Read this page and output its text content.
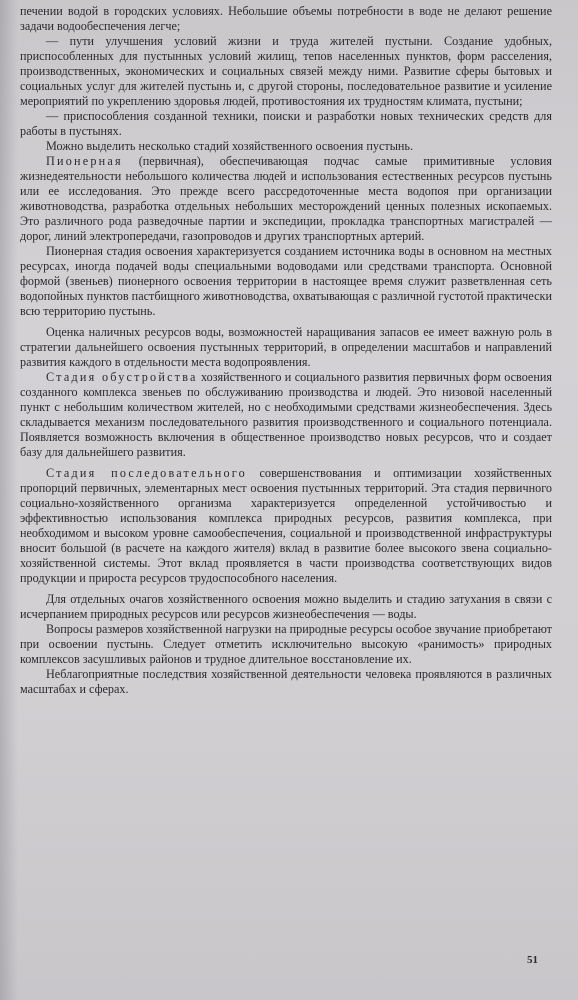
печении водой в городских условиях. Небольшие объемы потребности в воде не делают решение задачи водообеспечения легче;

— пути улучшения условий жизни и труда жителей пустыни. Создание удобных, приспособленных для пустынных условий жилищ, тепов населенных пунктов, форм расселения, производственных, экономических и социальных связей между ними. Развитие сферы бытовых и социальных услуг для жителей пустынь и, с другой стороны, последовательное развитие и усиление мероприятий по укреплению здоровья людей, противостояния их трудностям климата, пустыни;

— приспособления созданной техники, поиски и разработки новых технических средств для работы в пустынях.

Можно выделить несколько стадий хозяйственного освоения пустынь.

Пионерная (первичная), обеспечивающая подчас самые примитивные условия жизнедеятельности небольшого количества людей и использования естественных ресурсов пустынь или ее исследования. Это прежде всего рассредоточенные места водопоя при организации животноводства, разработка отдельных небольших месторождений ценных полезных ископаемых. Это различного рода разведочные партии и экспедиции, прокладка транспортных магистралей — дорог, линий электропередачи, газопроводов и других транспортных артерий.

Пионерная стадия освоения характеризуется созданием источника воды в основном на местных ресурсах, иногда подачей воды специальными водоводами или средствами транспорта. Основной формой (звеньев) пионерного освоения территории в настоящее время служит разветвленная сеть водопойных пунктов пастбищного животноводства, охватывающая с различной густотой практически всю территорию пустынь.

Оценка наличных ресурсов воды, возможностей наращивания запасов ее имеет важную роль в стратегии дальнейшего освоения пустынных территорий, в определении масштабов и направлений развития каждого в отдельности места водопроявления.

Стадия обустройства хозяйственного и социального развития первичных форм освоения созданного комплекса звеньев по обслуживанию производства и людей. Это низовой населенный пункт с небольшим количеством жителей, но с необходимыми средствами жизнеобеспечения. Здесь складывается механизм последовательного развития производственного и социального потенциала. Появляется возможность включения в общественное производство новых ресурсов, что и создает базу для дальнейшего развития.

Стадия последовательного совершенствования и оптимизации хозяйственных пропорций первичных, элементарных мест освоения пустынных территорий. Эта стадия первичного социально-хозяйственного организма характеризуется определенной устойчивостью и эффективностью использования комплекса природных ресурсов, развития комплекса, при необходимом и высоком уровне самообеспечения, социальной и производственной инфраструктуры вносит большой (в расчете на каждого жителя) вклад в развитие более высокого звена социально-хозяйственной системы. Этот вклад проявляется в части производства соответствующих видов продукции и прироста ресурсов трудоспособного населения.

Для отдельных очагов хозяйственного освоения можно выделить и стадию затухания в связи с исчерпанием природных ресурсов или ресурсов жизнеобеспечения — воды.

Вопросы размеров хозяйственной нагрузки на природные ресурсы особое звучание приобретают при освоении пустынь. Следует отметить исключительно высокую «ранимость» природных комплексов засушливых районов и трудное длительное восстановление их.

Неблагоприятные последствия хозяйственной деятельности человека проявляются в различных масштабах и сферах.

51
